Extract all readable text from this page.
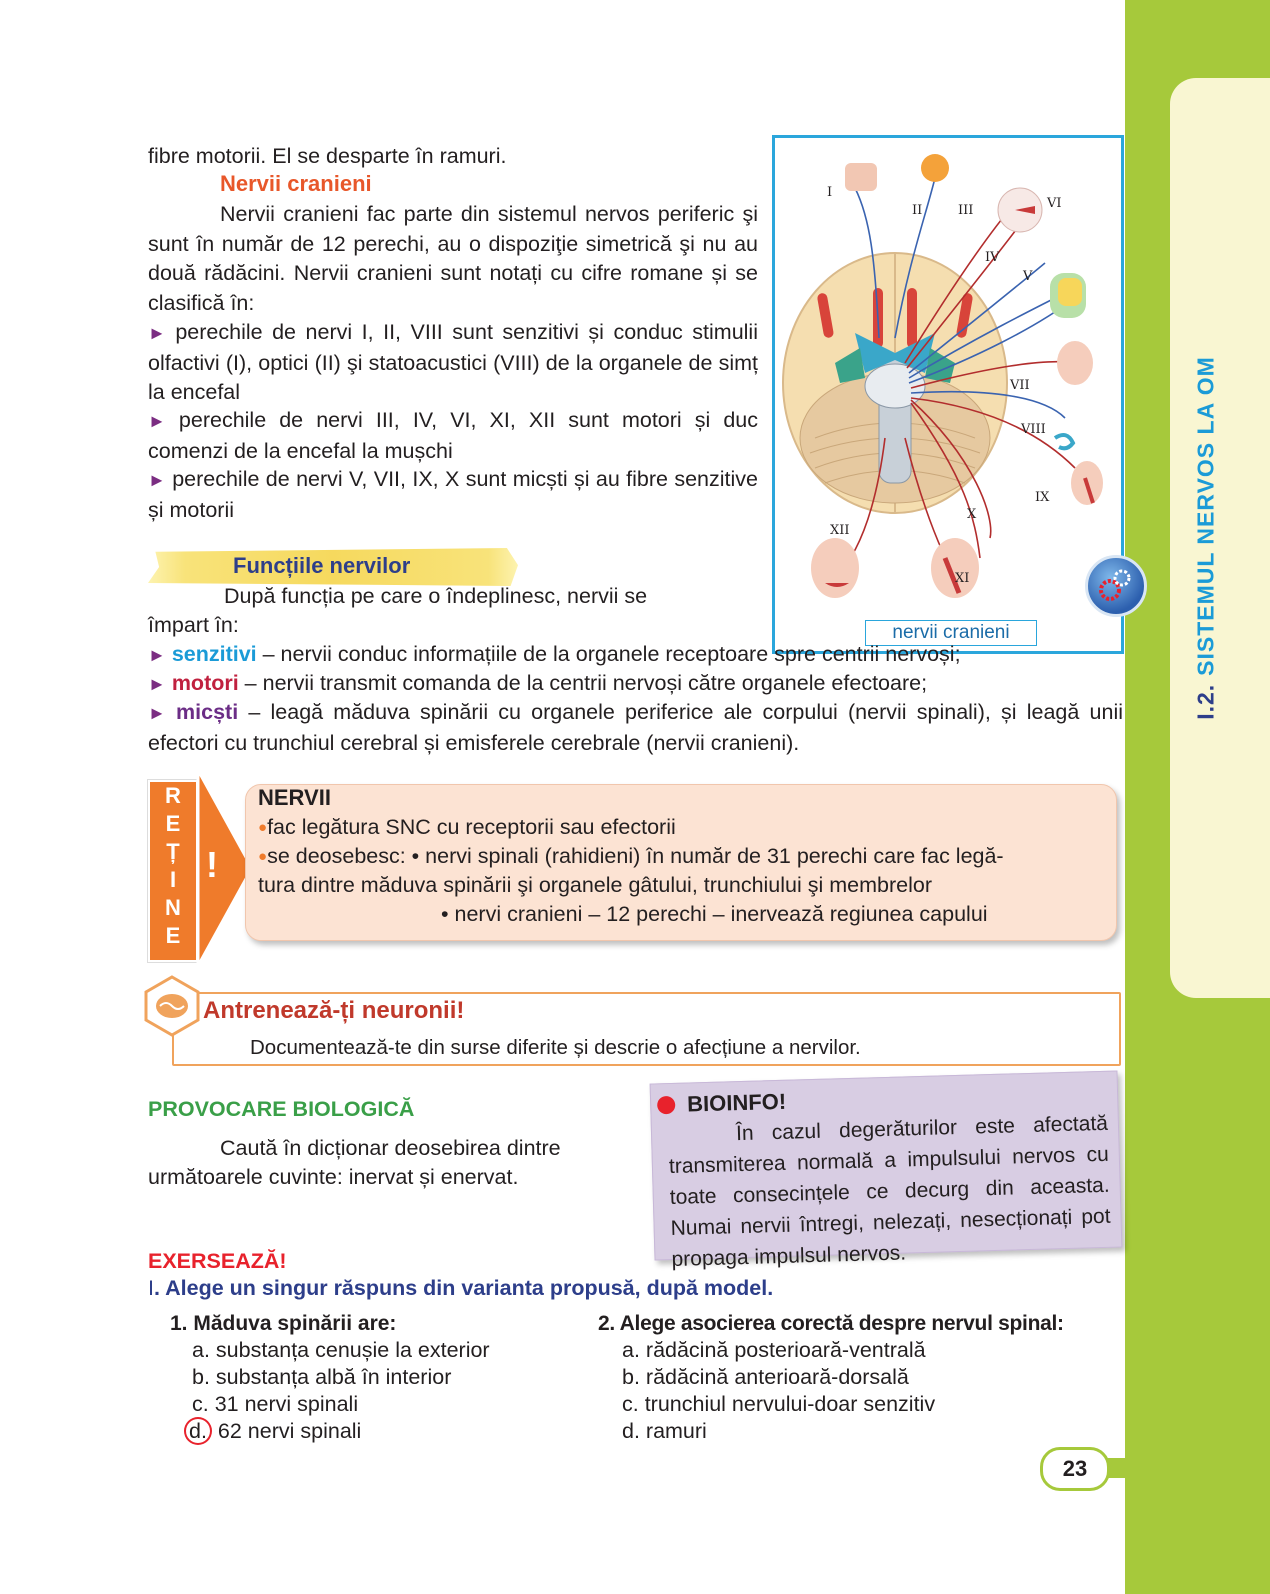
I.2.SISTEMUL NERVOS LA OM
fibre motorii. El se desparte în ramuri.
Nervii cranieni
Nervii cranieni fac parte din sistemul nervos periferic şi sunt în număr de 12 perechi, au o dispoziţie simetrică şi nu au două rădăcini. Nervii cranieni sunt notați cu cifre romane și se clasifică în:
► perechile de nervi I, II, VIII sunt senzitivi și conduc stimulii olfactivi (I), optici (II) şi statoacustici (VIII) de la organele de simț la encefal
► perechile de nervi III, IV, VI, XI, XII sunt motori și duc comenzi de la encefal la mușchi
► perechile de nervi V, VII, IX, X sunt micști și au fibre senzitive și motorii
I
II	III
IV
V
VI
VII
VIII
IX
X
XI
XII
nervii cranieni
Funcțiile nervilor
După funcția pe care o îndeplinesc, nervii se
împart în:
► senzitivi – nervii conduc informațiile de la organele receptoare spre centrii nervoși;
► motori – nervii transmit comanda de la centrii nervoși către organele efectoare;
► micști – leagă măduva spinării cu organele periferice ale corpului (nervii spinali), și leagă unii efectori cu trunchiul cerebral și emisferele cerebrale (nervii cranieni).
R
E
Ț
I
N
E
!
NERVII
●fac legătura SNC cu receptorii sau efectorii
●se deosebesc: • nervi spinali (rahidieni) în număr de 31 perechi care fac legă-
tura dintre măduva spinării şi organele gâtului, trunchiului şi membrelor
• nervi cranieni – 12 perechi – inervează regiunea capului
Antrenează-ți neuronii!
Documentează-te din surse diferite și descrie o afecțiune a nervilor.
PROVOCARE BIOLOGICĂ
Caută în dicționar deosebirea dintre
următoarele cuvinte: inervat și enervat.
BIOINFO!
În cazul degerăturilor este afectată transmiterea normală a impulsului nervos cu toate consecințele ce decurg din aceasta. Numai nervii întregi, nelezați, nesecționați pot propaga impulsul nervos.
EXERSEAZĂ!
I. Alege un singur răspuns din varianta propusă, după model.
1. Măduva spinării are:
a. substanța cenușie la exterior
b. substanța albă în interior
c. 31 nervi spinali
d. 62 nervi spinali
2. Alege asocierea corectă despre nervul spinal:
a. rădăcină posterioară-ventrală
b. rădăcină anterioară-dorsală
c. trunchiul nervului-doar senzitiv
d. ramuri
23
